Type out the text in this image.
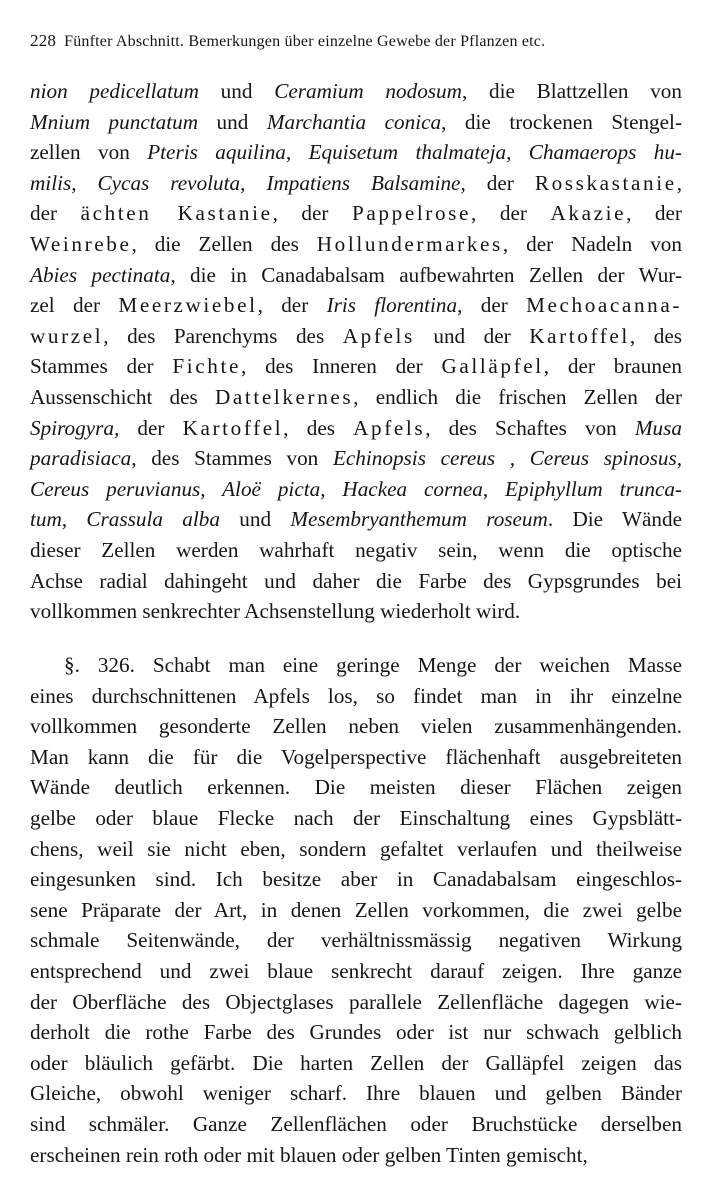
228 Fünfter Abschnitt. Bemerkungen über einzelne Gewebe der Pflanzen etc.
nion pedicellatum und Ceramium nodosum, die Blattzellen von
Mnium punctatum und Marchantia conica, die trockenen Stengel-
zellen von Pteris aquilina, Equisetum thalmateja, Chamaerops hu-
milis, Cycas revoluta, Impatiens Balsamine, der Rosskastanie,
der ächten Kastanie, der Pappelrose, der Akazie, der
Weinrebe, die Zellen des Hollundermarkes, der Nadeln von
Abies pectinata, die in Canadabalsam aufbewahrten Zellen der Wur-
zel der Meerzwiebel, der Iris florentina, der Mechoacanna-
wurzel, des Parenchyms des Apfels und der Kartoffel, des
Stammes der Fichte, des Inneren der Galläpfel, der braunen
Aussenschicht des Dattelkernes, endlich die frischen Zellen der
Spirogyra, der Kartoffel, des Apfels, des Schaftes von Musa
paradisiaca, des Stammes von Echinopsis cereus , Cereus spinosus,
Cereus peruvianus, Aloë picta, Hackea cornea, Epiphyllum trunca-
tum, Crassula alba und Mesembryanthemum roseum. Die Wände
dieser Zellen werden wahrhaft negativ sein, wenn die optische
Achse radial dahingeht und daher die Farbe des Gypsgrundes bei
vollkommen senkrechter Achsenstellung wiederholt wird.
§. 326. Schabt man eine geringe Menge der weichen Masse
eines durchschnittenen Apfels los, so findet man in ihr einzelne
vollkommen gesonderte Zellen neben vielen zusammenhängenden.
Man kann die für die Vogelperspective flächenhaft ausgebreiteten
Wände deutlich erkennen. Die meisten dieser Flächen zeigen
gelbe oder blaue Flecke nach der Einschaltung eines Gypsblätt-
chens, weil sie nicht eben, sondern gefaltet verlaufen und theilweise
eingesunken sind. Ich besitze aber in Canadabalsam eingeschlos-
sene Präparate der Art, in denen Zellen vorkommen, die zwei gelbe
schmale Seitenwände, der verhältnissmässig negativen Wirkung
entsprechend und zwei blaue senkrecht darauf zeigen. Ihre ganze
der Oberfläche des Objectglases parallele Zellenfläche dagegen wie-
derholt die rothe Farbe des Grundes oder ist nur schwach gelblich
oder bläulich gefärbt. Die harten Zellen der Galläpfel zeigen das
Gleiche, obwohl weniger scharf. Ihre blauen und gelben Bänder
sind schmäler. Ganze Zellenflächen oder Bruchstücke derselben
erscheinen rein roth oder mit blauen oder gelben Tinten gemischt,
